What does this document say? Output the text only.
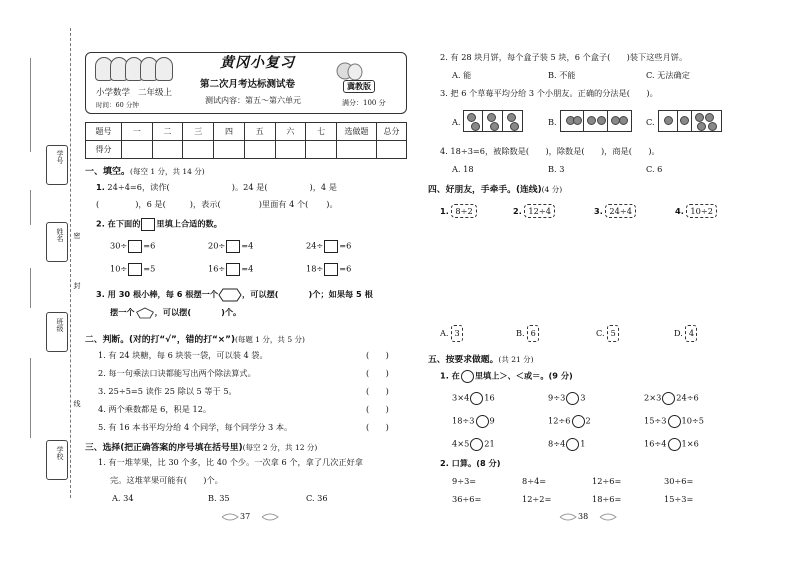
学号
姓名
班级
学校
密
封
线
黄冈小复习
小学数学 二年级上
第二次月考达标测试卷	冀教版
时间：60 分钟	测试内容：第五～第六单元	满分：100 分
题号	一	二	三	四	五	六	七	选做题	总分
得分									
一、填空。(每空 1 分，共 14 分)
1. 24÷4=6，读作(	)。24 是(	)，4 是
(	)，6 是(	)，表示(	)里面有 4 个( )。
2. 在下面的 里填上合适的数。
30÷ =6	20÷ =4	24÷ =6
10÷ =5	16÷ =4	18÷ =6
3. 用 30 根小棒，每 6 根摆一个	，可以摆(	)个；如果每 5 根
摆一个 ，可以摆(	)个。
二、判断。(对的打“√”，错的打“×”)(每题 1 分，共 5 分)
1. 有 24 块糖，每 6 块装一袋，可以装 4 袋。	(　　)
2. 每一句乘法口诀都能写出两个除法算式。	(　　)
3. 25÷5=5 读作 25 除以 5 等于 5。	(　　)
4. 两个乘数都是 6，积是 12。	(　　)
5. 有 16 本书平均分给 4 个同学，每个同学分 3 本。	(　　)
三、选择(把正确答案的序号填在括号里)(每空 2 分，共 12 分)
1. 有一堆苹果，比 30 个多，比 40 个少。一次拿 6 个，拿了几次正好拿
完。这堆苹果可能有(　　)个。
A. 34	B. 35	C. 36
37
2. 有 28 块月饼，每个盒子装 5 块，6 个盒子(　　)装下这些月饼。
A. 能	B. 不能	C. 无法确定
3. 把 6 个草莓平均分给 3 个小朋友。正确的分法是(　　)。
A.	B.	C.
4. 18÷3=6，被除数是(　　)，除数是(　　)，商是(　　)。
A. 18	B. 3	C. 6
四、好朋友，手牵手。(连线)(4 分)
1. 8÷2	2. 12÷4	3. 24÷4	4. 10÷2
A. 3	B. 6	C. 5	D. 4
五、按要求做题。(共 21 分)
1. 在 里填上＞、＜或＝。(9 分)
3×4 16	9÷3 3	2×3 24÷6
18÷3 9	12÷6 2	15÷3 10÷5
4×5 21	8÷4 1	16÷4 1×6
2. 口算。(8 分)
9÷3=	8÷4=	12÷6=	30÷6=
36÷6=	12÷2=	18÷6=	15÷3=
38
